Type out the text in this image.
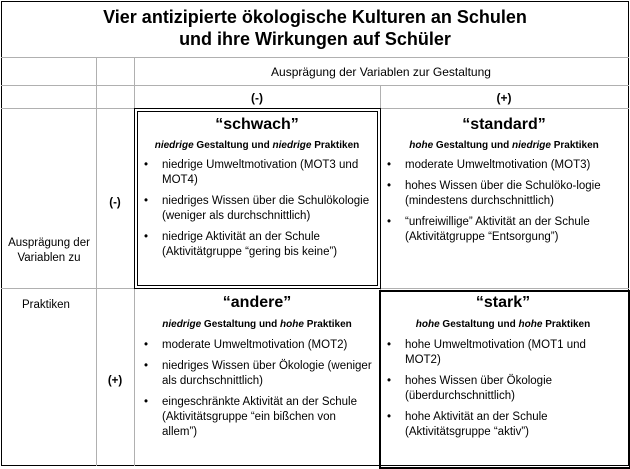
Vier antizipierte ökologische Kulturen an Schulen
und ihre Wirkungen auf Schüler
Ausprägung der Variablen zur Gestaltung
(-)	(+)
Ausprägung der Variablen zu
Praktiken
(-)
(+)
“schwach”
niedrige Gestaltung und niedrige Praktiken
• niedrige Umweltmotivation (MOT3 und MOT4)
• niedriges Wissen über die Schulökologie (weniger als durchschnittlich)
• niedrige Aktivität an der Schule (Aktivitätgruppe “gering bis keine”)
“standard”
hohe Gestaltung und niedrige Praktiken
• moderate Umweltmotivation (MOT3)
• hohes Wissen über die Schulöko-logie (mindestens durchschnittlich)
• “unfreiwillige” Aktivität an der Schule (Aktivitätgruppe “Entsorgung”)
“andere”
niedrige Gestaltung und hohe Praktiken
• moderate Umweltmotivation (MOT2)
• niedriges Wissen über Ökologie (weniger als durchschnittlich)
• eingeschränkte Aktivität an der Schule (Aktivitätsgruppe “ein bißchen von allem”)
“stark”
hohe Gestaltung und hohe Praktiken
• hohe Umweltmotivation (MOT1 und MOT2)
• hohes Wissen über Ökologie (überdurchschnittlich)
• hohe Aktivität an der Schule (Aktivitätsgruppe “aktiv”)
